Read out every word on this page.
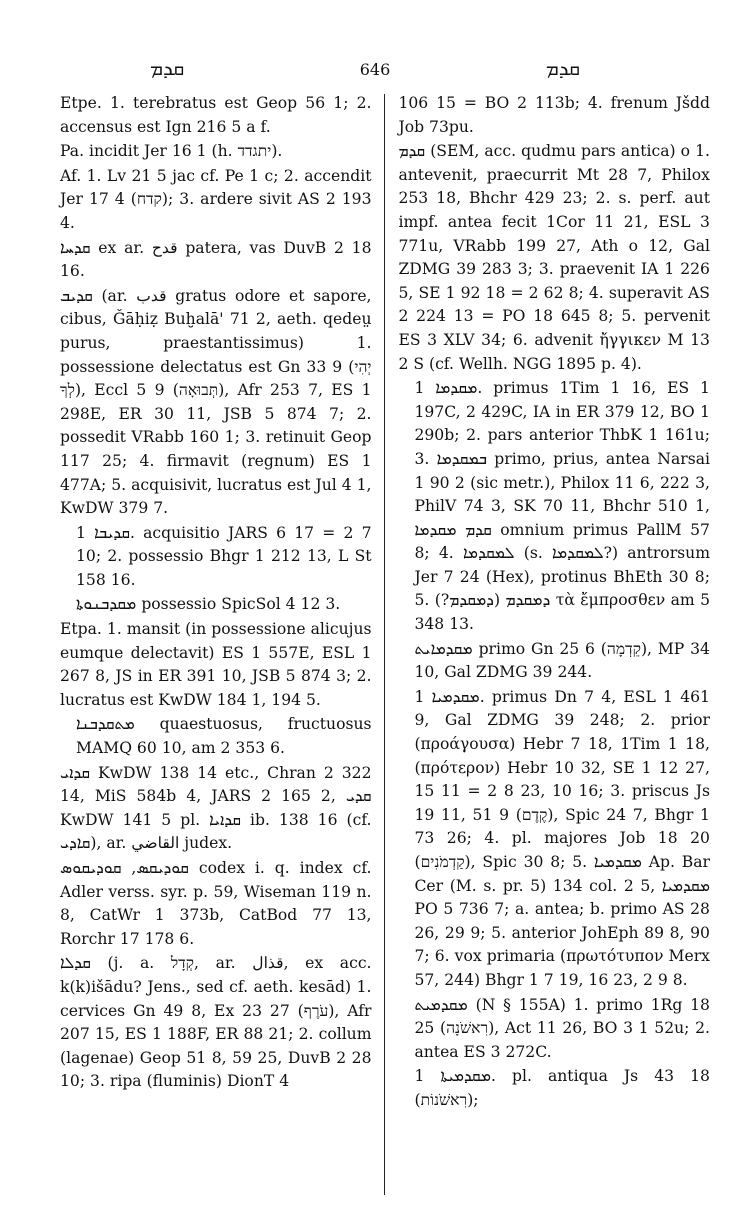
ܩܕܡ	646	ܩܕܡ

Etpe. 1. terebratus est Geop 56 1; 2. accensus est Ign 216 5 a f.

Pa. incidit Jer 16 1 (h. יתגדד).

Af. 1. Lv 21 5 jac cf. Pe 1 c; 2. accendit Jer 17 4 (קדח); 3. ardere sivit AS 2 193 4.

ܩܕܚܐ ex ar. قدح patera, vas DuvB 2 18 16.

ܩܕܝܒ (ar. قدب gratus odore et sapore, cibus, Ǧāḥiẓ Buḫalā' 71 2, aeth. qedeṳ purus, praestantissimus) 1. possessione delectatus est Gn 33 9 (יְהִי לְךָ), Eccl 5 9 (תְּבוּאָה), Afr 253 7, ES 1 298E, ER 30 11, JSB 5 874 7; 2. possedit VRabb 160 1; 3. retinuit Geop 117 25; 4. firmavit (regnum) ES 1 477A; 5. acquisivit, lucratus est Jul 4 1, KwDW 379 7.

ܩܕܝܒܐ 1. acquisitio JARS 6 17 = 2 7 10; 2. possessio Bhgr 1 212 13, L St 158 16.

ܡܩܕܒܢܘܬܐ possessio SpicSol 4 12 3.

Etpa. 1. mansit (in possessione alicujus eumque delectavit) ES 1 557E, ESL 1 267 8, JS in ER 391 10, JSB 5 874 3; 2. lucratus est KwDW 184 1, 194 5.

ܡܬܩܕܒܢܐ quaestuosus, fructuosus MAMQ 60 10, am 2 353 6.

ܩܕܐܝ KwDW 138 14 etc., Chran 2 322 14, MiS 584b 4, JARS 2 165 2, ܩܕܝ KwDW 141 5 pl. ܩܕܐܝܐ ib. 138 16 (cf. ܩܐܕܝ), ar. القاضي judex.

ܩܘܕܝܩܣ, ܩܘܕܝܩܘܣ codex i. q. index cf. Adler verss. syr. p. 59, Wiseman 119 n. 8, CatWr 1 373b, CatBod 77 13, Rorchr 17 178 6.

ܩܕܠܐ (j. a. קְדָל, ar. قذال, ex acc. k(k)išādu? Jens., sed cf. aeth. kesād) 1. cervices Gn 49 8, Ex 23 27 (עֹרֶף), Afr 207 15, ES 1 188F, ER 88 21; 2. collum (lagenae) Geop 51 8, 59 25, DuvB 2 28 10; 3. ripa (fluminis) DionT 4

106 15 = BO 2 113b; 4. frenum Jšdd Job 73pu.

ܩܕܡ (SEM, acc. qudmu pars antica) o 1. antevenit, praecurrit Mt 28 7, Philox 253 18, Bhchr 429 23; 2. s. perf. aut impf. antea fecit 1Cor 11 21, ESL 3 771u, VRabb 199 27, Ath o 12, Gal ZDMG 39 283 3; 3. praevenit IA 1 226 5, SE 1 92 18 = 2 62 8; 4. superavit AS 2 224 13 = PO 18 645 8; 5. pervenit ES 3 XLV 34; 6. advenit ἤγγικεν M 13 2 S (cf. Wellh. NGG 1895 p. 4).

ܡܩܕܡܐ 1. primus 1Tim 1 16, ES 1 197C, 2 429C, IA in ER 379 12, BO 1 290b; 2. pars anterior ThbK 1 161u; 3. ܒܡܩܕܡܐ primo, prius, antea Narsai 1 90 2 (sic metr.), Philox 11 6, 222 3, PhilV 74 3, SK 70 11, Bhchr 510 1, ܩܕܡ ܡܩܕܡܐ omnium primus PallM 57 8; 4. ܠܡܩܕܡܐ (s. ܠܡܩܕܡܐ?) antrorsum Jer 7 24 (Hex), protinus BhEth 30 8; 5. ܕܡܩܕܡ (ܕܡܩܕܡ?) τὰ ἔμπροσθεν am 5 348 13.

ܡܩܕܡܐܝܬ primo Gn 25 6 (קֵדְמָה), MP 34 10, Gal ZDMG 39 244.

ܡܩܕܡܝܐ 1. primus Dn 7 4, ESL 1 461 9, Gal ZDMG 39 248; 2. prior (προάγουσα) Hebr 7 18, 1Tim 1 18, (πρότερον) Hebr 10 32, SE 1 12 27, 15 11 = 2 8 23, 10 16; 3. priscus Js 19 11, 51 9 (קֶדֶם), Spic 24 7, Bhgr 1 73 26; 4. pl. majores Job 18 20 (קַדְמֹנִים), Spic 30 8; 5. ܡܩܕܡܝܐ Ap. Bar Cer (M. s. pr. 5) 134 col. 2 5, ܡܩܕܡܝܐ PO 5 736 7; a. antea; b. primo AS 28 26, 29 9; 5. anterior JohEph 89 8, 90 7; 6. vox primaria (πρωτότυπον Merx 57, 244) Bhgr 1 7 19, 16 23, 2 9 8.

ܡܩܕܡܝܬ (N § 155A) 1. primo 1Rg 18 25 (רִאשֹׁנָה), Act 11 26, BO 3 1 52u; 2. antea ES 3 272C.

ܡܩܕܡܝܬܐ 1. pl. antiqua Js 43 18 (רִאשֹׁנוֹת);
